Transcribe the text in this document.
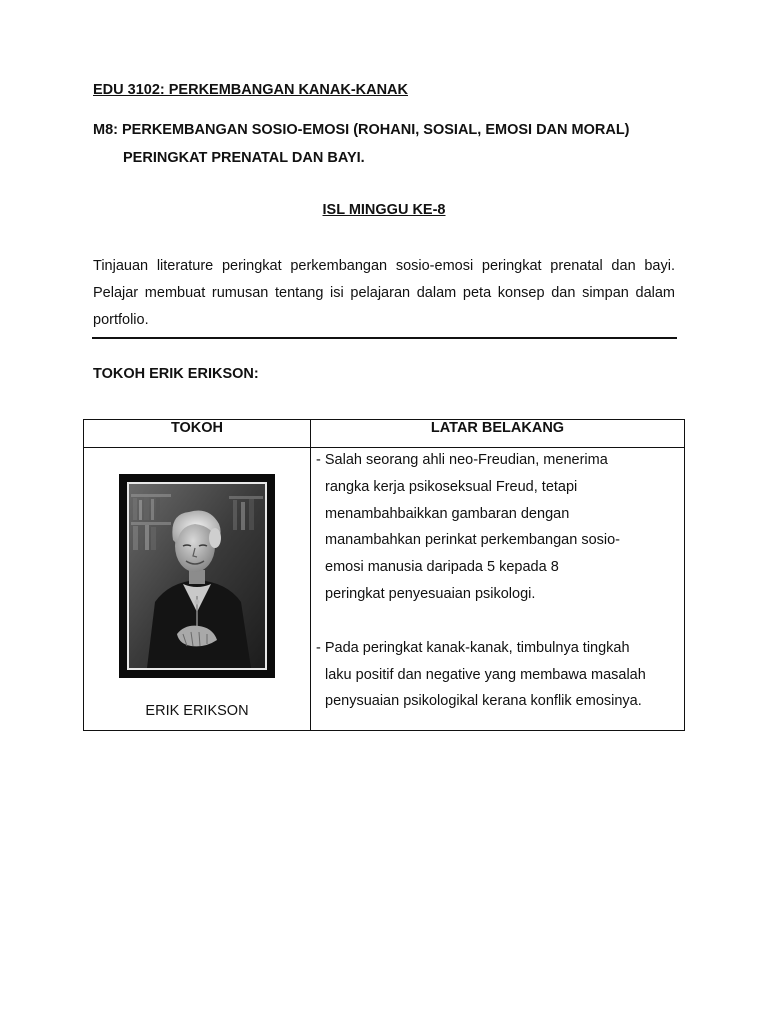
EDU 3102: PERKEMBANGAN KANAK-KANAK
M8: PERKEMBANGAN SOSIO-EMOSI (ROHANI, SOSIAL, EMOSI DAN MORAL)
PERINGKAT PRENATAL DAN BAYI.
ISL MINGGU KE-8
Tinjauan literature peringkat perkembangan sosio-emosi peringkat prenatal dan bayi. Pelajar membuat rumusan tentang isi pelajaran dalam peta konsep dan simpan dalam portfolio.
TOKOH ERIK ERIKSON:
TOKOH	LATAR BELAKANG
ERIK ERIKSON
- Salah seorang ahli neo-Freudian, menerima
rangka kerja psikoseksual Freud, tetapi
menambahbaikkan gambaran dengan
manambahkan perinkat perkembangan sosio-
emosi manusia daripada 5 kepada 8
peringkat penyesuaian psikologi.
- Pada peringkat kanak-kanak, timbulnya tingkah
laku positif dan negative yang membawa masalah
penysuaian psikologikal kerana konflik emosinya.
